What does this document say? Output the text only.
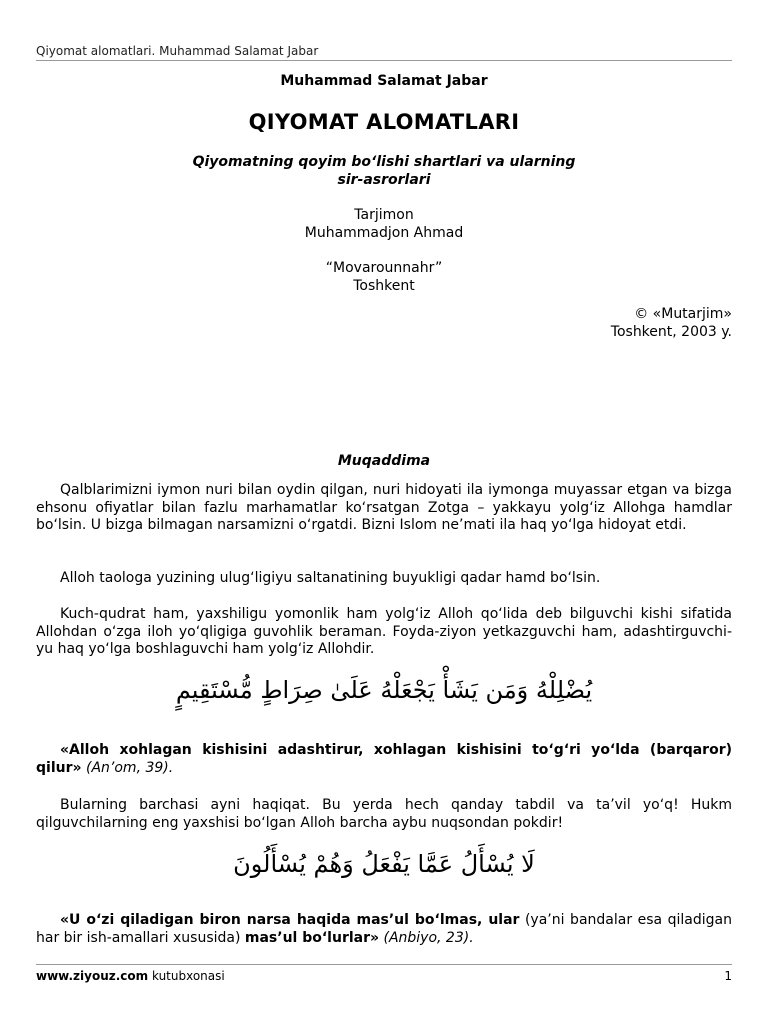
Qiyomat alomatlari. Muhammad Salamat Jabar
Muhammad Salamat Jabar
QIYOMAT ALOMATLARI
Qiyomatning qoyim bo‘lishi shartlari va ularning
sir-asrorlari
Tarjimon
Muhammadjon Ahmad
“Movarounnahr”
Toshkent
© «Mutarjim»
Toshkent, 2003 y.
Muqaddima
Qalblarimizni iymon nuri bilan oydin qilgan, nuri hidoyati ila iymonga muyassar etgan va bizga ehsonu ofiyatlar bilan fazlu marhamatlar ko‘rsatgan Zotga – yakkayu yolg‘iz Allohga hamdlar bo‘lsin. U bizga bilmagan narsamizni o‘rgatdi. Bizni Islom ne’mati ila haq yo‘lga hidoyat etdi.
Alloh taologa yuzining ulug‘ligiyu saltanatining buyukligi qadar hamd bo‘lsin.
Kuch-qudrat ham, yaxshiligu yomonlik ham yolg‘iz Alloh qo‘lida deb bilguvchi kishi sifatida Allohdan o‘zga iloh yo‘qligiga guvohlik beraman. Foyda-ziyon yetkazguvchi ham, adashtirguvchi-yu haq yo‘lga boshlaguvchi ham yolg‘iz Allohdir.
يُضْلِلْهُ وَمَن يَشَأْ يَجْعَلْهُ عَلَىٰ صِرَاطٍ مُّسْتَقِيمٍ
«Alloh xohlagan kishisini adashtirur, xohlagan kishisini to‘g‘ri yo‘lda (barqaror) qilur» (An’om, 39).
Bularning barchasi ayni haqiqat. Bu yerda hech qanday tabdil va ta’vil yo‘q! Hukm qilguvchilarning eng yaxshisi bo‘lgan Alloh barcha aybu nuqsondan pokdir!
لَا يُسْأَلُ عَمَّا يَفْعَلُ وَهُمْ يُسْأَلُونَ
«U o‘zi qiladigan biron narsa haqida mas’ul bo‘lmas, ular (ya’ni bandalar esa qiladigan har bir ish-amallari xususida) mas’ul bo‘lurlar» (Anbiyo, 23).
www.ziyouz.com kutubxonasi	1
